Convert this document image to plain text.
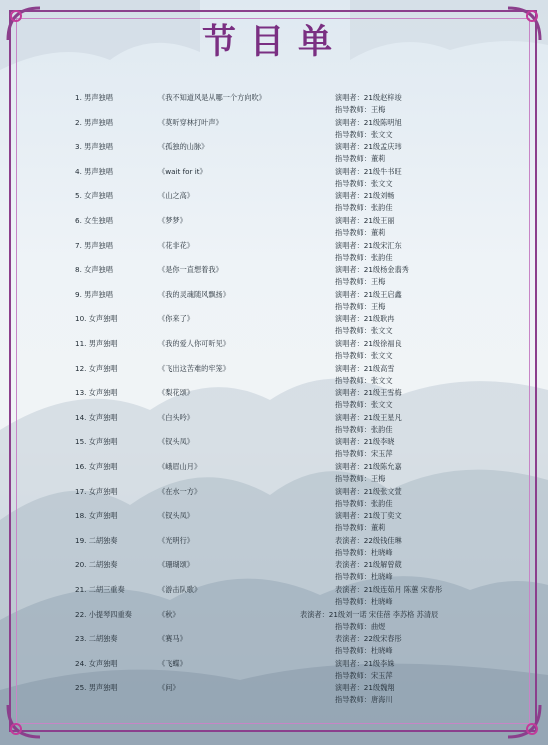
节目单
1. 男声独唱	《我不知道风是从哪一个方向吹》	演唱者：21级赵梓竣
指导教师：王梅
2. 男声独唱	《莫听穿林打叶声》	演唱者：21级陈明旭
指导教师：张文文
3. 男声独唱	《孤独的山脉》	演唱者：21级孟庆玮
指导教师：董莉
4. 男声独唱	《wait for it》	演唱者：21级牛书旺
指导教师：张文文
5. 女声独唱	《山之高》	演唱者：21级刘畅
指导教师：张韵佳
6. 女生独唱	《梦梦》	演唱者：21级王丽
指导教师：董莉
7. 男声独唱	《花非花》	演唱者：21级宋汇东
指导教师：张韵佳
8. 女声独唱	《是你一直想着我》	演唱者：21级杨金翡秀
指导教师：王梅
9. 男声独唱	《我的灵魂随风飘扬》	演唱者：21级王启鑫
指导教师：王梅
10. 女声独唱	《你来了》	演唱者：21级耿冉
指导教师：张文文
11. 男声独唱	《我的爱人你可听见》	演唱者：21级徐福良
指导教师：张文文
12. 女声独唱	《飞出这苦难的牢笼》	演唱者：21级高雪
指导教师：张文文
13. 女声独唱	《梨花颂》	演唱者：21级王雪梅
指导教师：张文文
14. 女声独唱	《白头吟》	演唱者：21级王星凡
指导教师：张韵佳
15. 女声独唱	《钗头凤》	演唱者：21级李晓
指导教师：宋玉萍
16. 女声独唱	《峨眉山月》	演唱者：21级陈允嘉
指导教师：王梅
17. 女声独唱	《在水一方》	演唱者：21级张文萱
指导教师：张韵佳
18. 女声独唱	《钗头凤》	演唱者：21级丁奕文
指导教师：董莉
19. 二胡独奏	《光明行》	表演者：22级钱佳琳
指导教师：杜晓峰
20. 二胡独奏	《珊瑚颂》	表演者：21级解曾葳
指导教师：杜晓峰
21. 二胡三重奏	《游击队歌》	表演者：21级连茹月 陈蕙 宋春彤
指导教师：杜晓峰
22. 小提琴四重奏	《秋》	表演者：21级刘一诺 宋佳蓓 李苏格 苏清辰
指导教师：曲煜
23. 二胡独奏	《赛马》	表演者：22级宋春彤
指导教师：杜晓峰
24. 女声独唱	《飞蝶》	演唱者：21级李姝
指导教师：宋玉萍
25. 男声独唱	《问》	演唱者：21级魏翔
指导教师：唐海川
